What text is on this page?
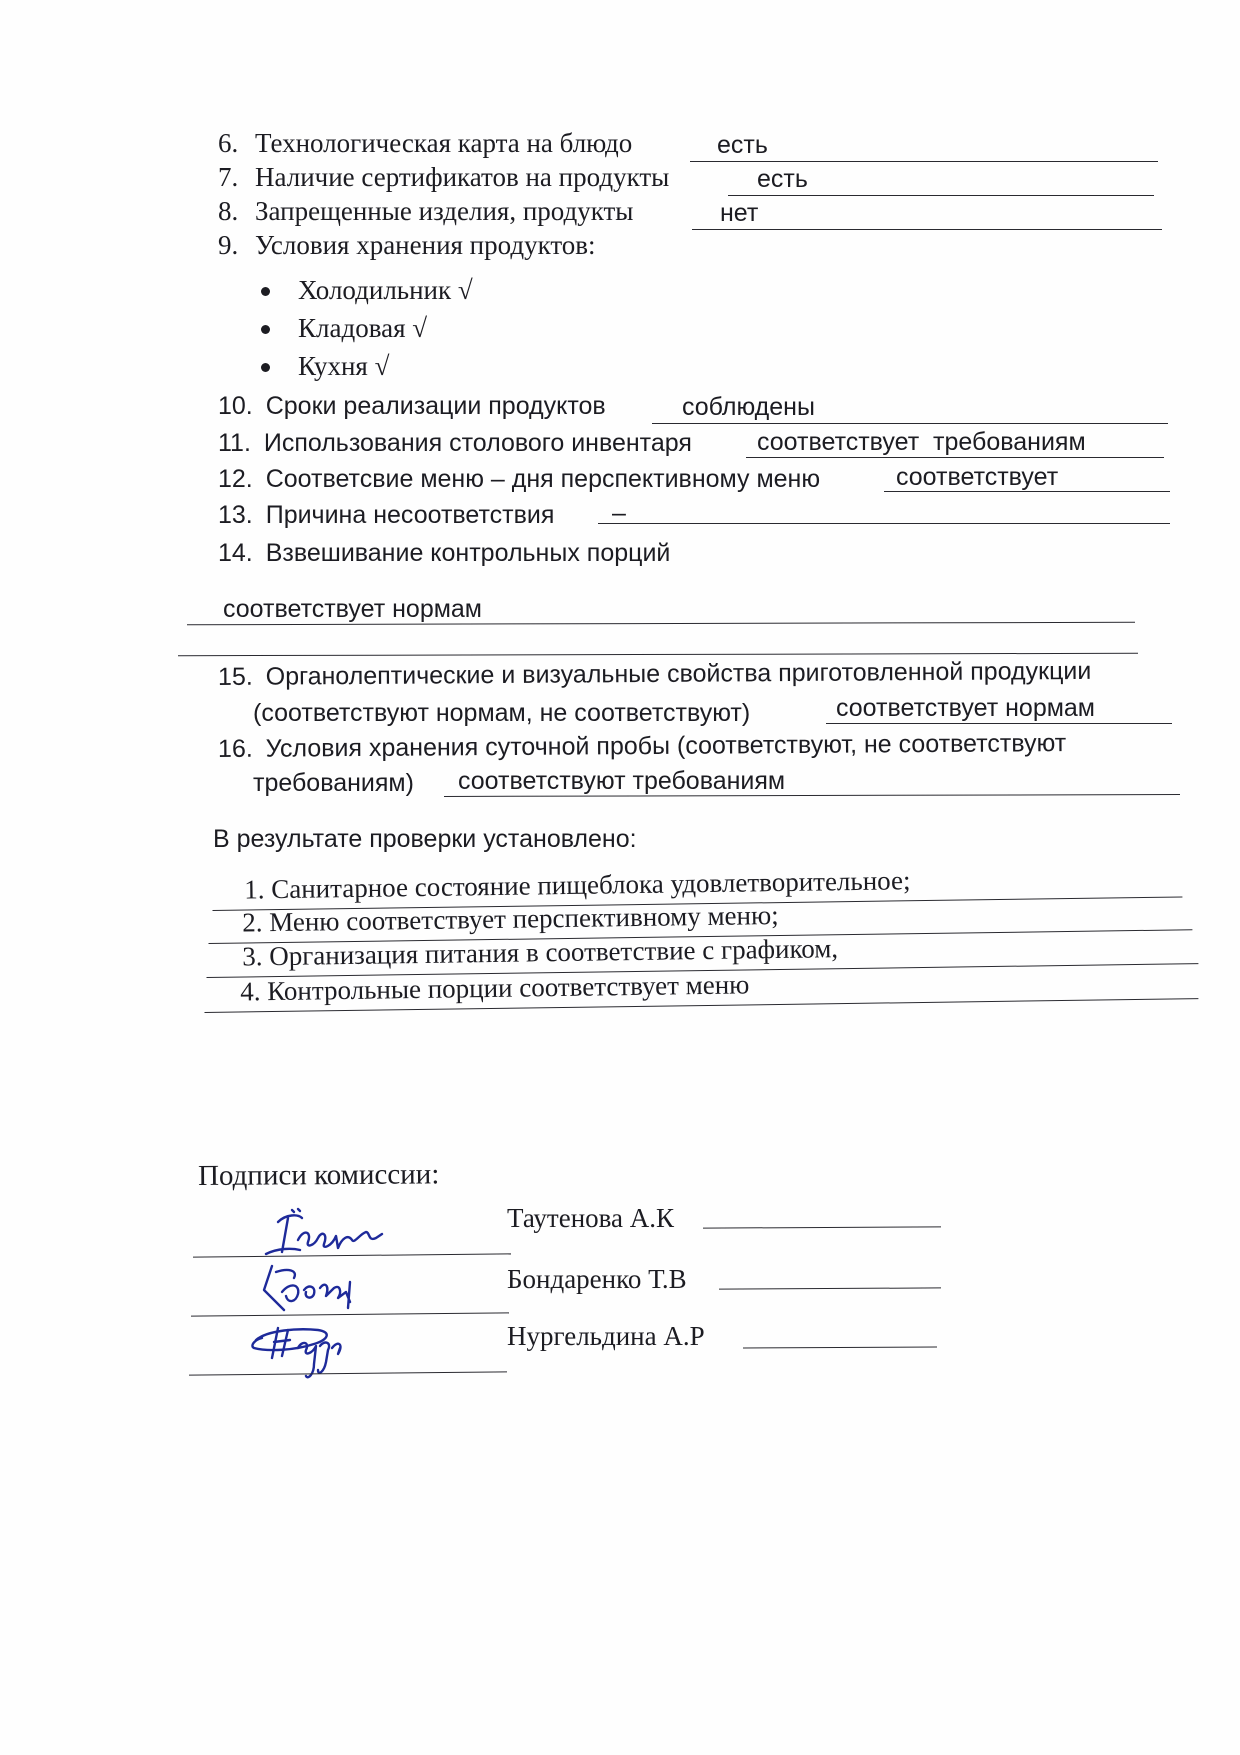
6. Технологическая карта на блюдо	есть
7. Наличие сертификатов на продукты	есть
8. Запрещенные изделия, продукты	нет
9. Условия хранения продуктов:
Холодильник √
Кладовая √
Кухня √
10. Сроки реализации продуктов	соблюдены
11. Использования столового инвентаря	соответствует  требованиям
12. Соответсвие меню – дня перспективному меню	соответствует
13. Причина несоответствия –
14. Взвешивание контрольных порций
соответствует нормам
15. Органолептические и визуальные свойства приготовленной продукции
(соответствуют нормам, не соответствуют)	соответствует нормам
16. Условия хранения суточной пробы (соответствуют, не соответствуют
требованиям) соответствуют требованиям
В результате проверки установлено:
1. Санитарное состояние пищеблока удовлетворительное;
2. Меню соответствует перспективному меню;
3. Организация питания в соответствие с графиком,
4. Контрольные порции соответствует меню
Подписи комиссии:
Таутенова А.К
Бондаренко Т.В
Нургельдина А.Р
